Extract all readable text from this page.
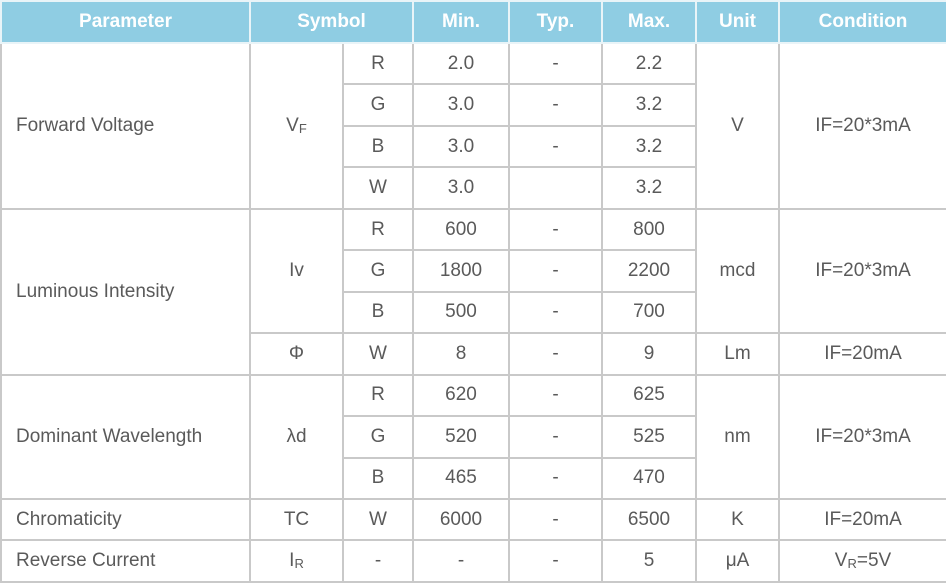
Parameter	Symbol		Min.	Typ.	Max.	Unit	Condition
Forward Voltage	VF	R	2.0	-	2.2	V	IF=20*3mA
		G	3.0	-	3.2		
		B	3.0	-	3.2		
		W	3.0		3.2		
Luminous Intensity	Iv	R	600	-	800	mcd	IF=20*3mA
		G	1800	-	2200		
		B	500	-	700		
	Φ	W	8	-	9	Lm	IF=20mA
Dominant Wavelength	λd	R	620	-	625	nm	IF=20*3mA
		G	520	-	525		
		B	465	-	470		
Chromaticity	TC	W	6000	-	6500	K	IF=20mA
Reverse Current	IR	-	-	-	5	μA	VR=5V
